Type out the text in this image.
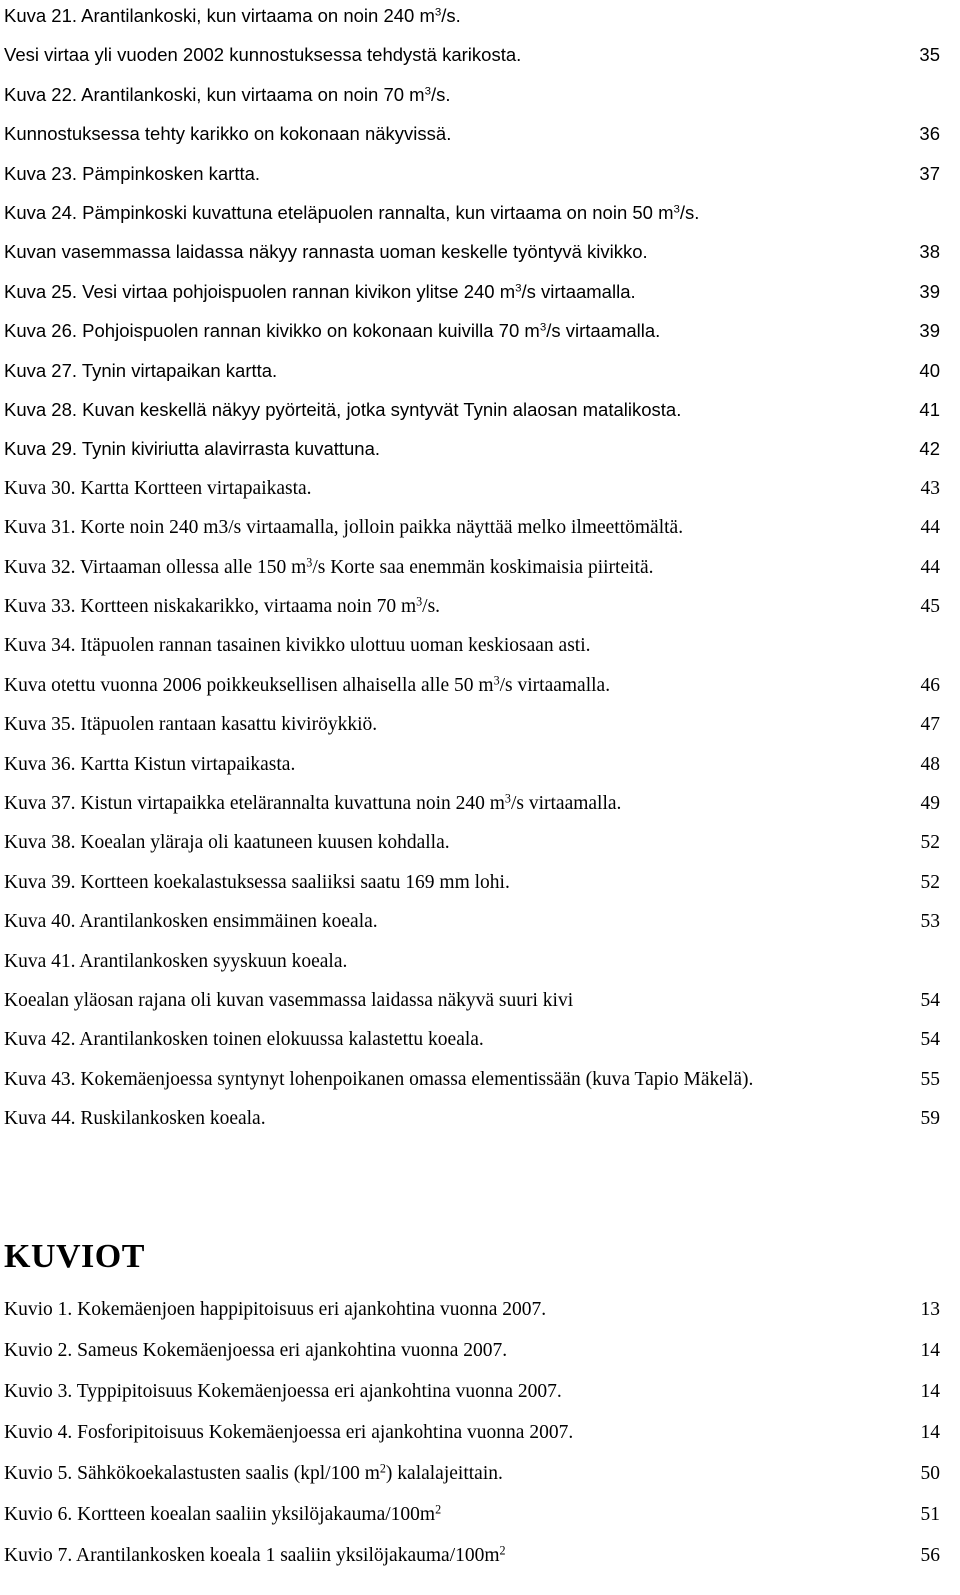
Kuva 21. Arantilankoski, kun virtaama on noin 240 $m^3/s$.
Vesi virtaa yli vuoden 2002 kunnostuksessa tehdystä karikosta.	35
Kuva 22. Arantilankoski, kun virtaama on noin 70 $m^3/s$.
Kunnostuksessa tehty karikko on kokonaan näkyvissä.	36
Kuva 23. Pämpinkosken kartta.	37
Kuva 24. Pämpinkoski kuvattuna eteläpuolen rannalta, kun virtaama on noin 50 $m^3/s$.
Kuvan vasemmassa laidassa näkyy rannasta uoman keskelle työntyvä kivikko.	38
Kuva 25. Vesi virtaa pohjoispuolen rannan kivikon ylitse 240 $m^3/s$ virtaamalla.	39
Kuva 26. Pohjoispuolen rannan kivikko on kokonaan kuivilla 70 $m^3/s$ virtaamalla.	39
Kuva 27. Tynin virtapaikan kartta.	40
Kuva 28. Kuvan keskellä näkyy pyörteitä, jotka syntyvät Tynin alaosan matalikosta.	41
Kuva 29. Tynin kiviriutta alavirrasta kuvattuna.	42
Kuva 30. Kartta Kortteen virtapaikasta.	43
Kuva 31. Korte noin 240 m3/s virtaamalla, jolloin paikka näyttää melko ilmeettömältä.	44
Kuva 32. Virtaaman ollessa alle 150 $m^3/s$ Korte saa enemmän koskimaisia piirteitä.	44
Kuva 33. Kortteen niskakarikko, virtaama noin 70 $m^3/s$.	45
Kuva 34. Itäpuolen rannan tasainen kivikko ulottuu uoman keskiosaan asti.
Kuva otettu vuonna 2006 poikkeuksellisen alhaisella alle 50 $m^3/s$ virtaamalla.	46
Kuva 35. Itäpuolen rantaan kasattu kiviröykkiö.	47
Kuva 36. Kartta Kistun virtapaikasta.	48
Kuva 37. Kistun virtapaikka etelärannalta kuvattuna noin 240 $m^3/s$ virtaamalla.	49
Kuva 38. Koealan yläraja oli kaatuneen kuusen kohdalla.	52
Kuva 39. Kortteen koekalastuksessa saaliiksi saatu 169 mm lohi.	52
Kuva 40. Arantilankosken ensimmäinen koeala.	53
Kuva 41. Arantilankosken syyskuun koeala.
Koealan yläosan rajana oli kuvan vasemmassa laidassa näkyvä suuri kivi	54
Kuva 42. Arantilankosken toinen elokuussa kalastettu koeala.	54
Kuva 43. Kokemäenjoessa syntynyt lohenpoikanen omassa elementissään (kuva Tapio Mäkelä).	55
Kuva 44. Ruskilankosken koeala.	59
KUVIOT
Kuvio 1. Kokemäenjoen happipitoisuus eri ajankohtina vuonna 2007.	13
Kuvio 2. Sameus Kokemäenjoessa eri ajankohtina vuonna 2007.	14
Kuvio 3. Typpipitoisuus Kokemäenjoessa eri ajankohtina vuonna 2007.	14
Kuvio 4. Fosforipitoisuus Kokemäenjoessa eri ajankohtina vuonna 2007.	14
Kuvio 5. Sähkökoekalastusten saalis (kpl/100 $m^2$) kalalajeittain.	50
Kuvio 6. Kortteen koealan saaliin yksilöjakauma/$100m^2$	51
Kuvio 7. Arantilankosken koeala 1 saaliin yksilöjakauma/$100m^2$	56
